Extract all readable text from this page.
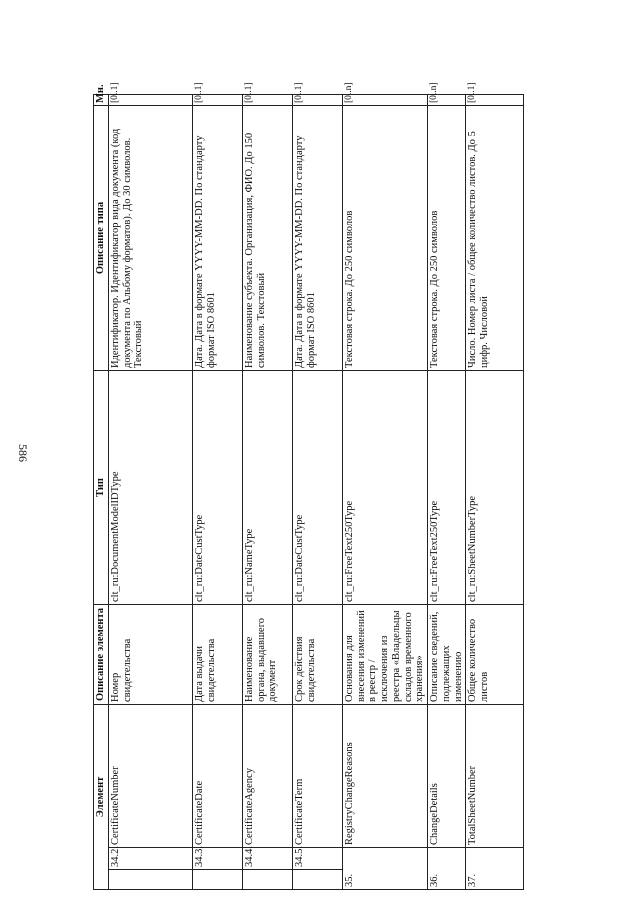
586
Элемент			Описание элемента	Тип	Описание типа	Мн.
	34.2.	CertificateNumber	Номер свидетельства	clt_ru:DocumentModelIDType	Идентификатор. Идентификатор вида документа (код документа по Альбому форматов). До 30 символов. Текстовый	[0..1]
	34.3.	CertificateDate	Дата выдачи свидетельства	clt_ru:DateCustType	Дата. Дата в формате YYYY-MM-DD. По стандарту формат ISO 8601	[0..1]
	34.4.	CertificateAgency	Наименование органа, выдавшего документ	clt_ru:NameType	Наименование субъекта. Организация, ФИО. До 150 символов. Текстовый	[0..1]
	34.5.	CertificateTerm	Срок действия свидетельства	clt_ru:DateCustType	Дата. Дата в формате YYYY-MM-DD. По стандарту формат ISO 8601	[0..1]
35.		RegistryChangeReasons	Основания для внесения изменений в реестр / исключения из реестра «Владельцы складов временного хранения»	clt_ru:FreeText250Type	Текстовая строка. До 250 символов	[0..n]
36.		ChangeDetails	Описание сведений, подлежащих изменению	clt_ru:FreeText250Type	Текстовая строка. До 250 символов	[0..n]
37.		TotalSheetNumber	Общее количество листов	clt_ru:SheetNumberType	Число. Номер листа / общее количество листов. До 5 цифр. Числовой	[0..1]
